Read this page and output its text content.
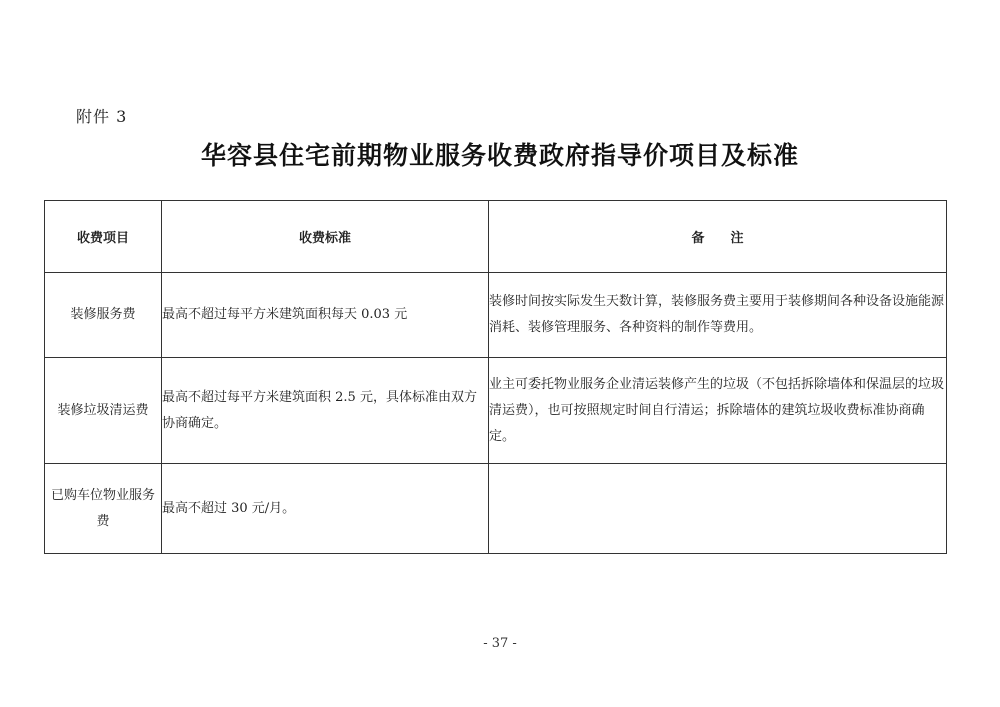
附件 3
华容县住宅前期物业服务收费政府指导价项目及标准
收费项目	收费标准	备　　注
装修服务费	最高不超过每平方米建筑面积每天 0.03 元	装修时间按实际发生天数计算，装修服务费主要用于装修期间各种设备设施能源消耗、装修管理服务、各种资料的制作等费用。
装修垃圾清运费	最高不超过每平方米建筑面积 2.5 元，具体标准由双方协商确定。	业主可委托物业服务企业清运装修产生的垃圾（不包括拆除墙体和保温层的垃圾清运费），也可按照规定时间自行清运；拆除墙体的建筑垃圾收费标准协商确定。
已购车位物业服务费	最高不超过 30 元/月。	
- 37 -
